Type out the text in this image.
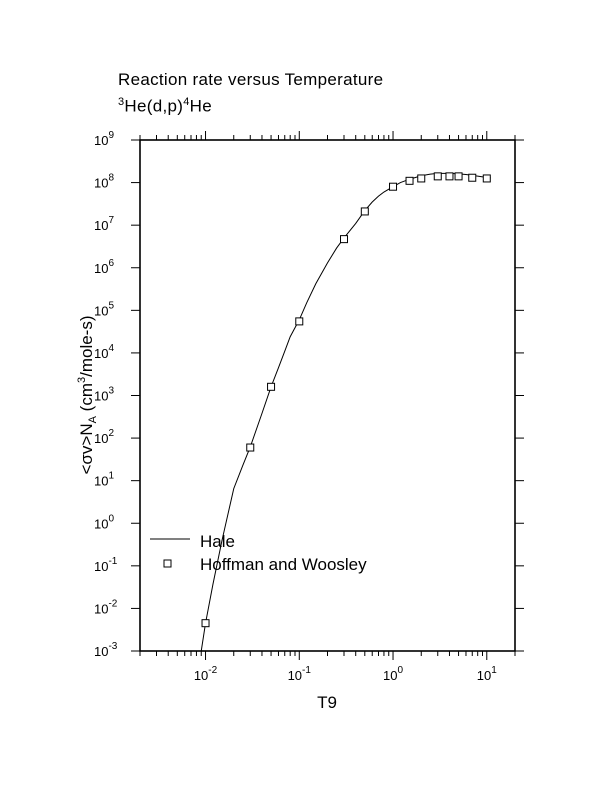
Reaction rate versus Temperature
$^3He(d,p)^4He$
$10^{-2}$	$10^{-1}$	$10^0$	$10^1$
$10^{-3}$
$10^{-2}$
$10^{-1}$
$10^0$
$10^1$
$10^2$
$10^3$
$10^4$
$10^5$
$10^6$
$10^7$
$10^8$
$10^9$
T9
$<\sigma v>N_A$ $(cm^3/mole-s)$
Hale
Hoffman and Woosley
